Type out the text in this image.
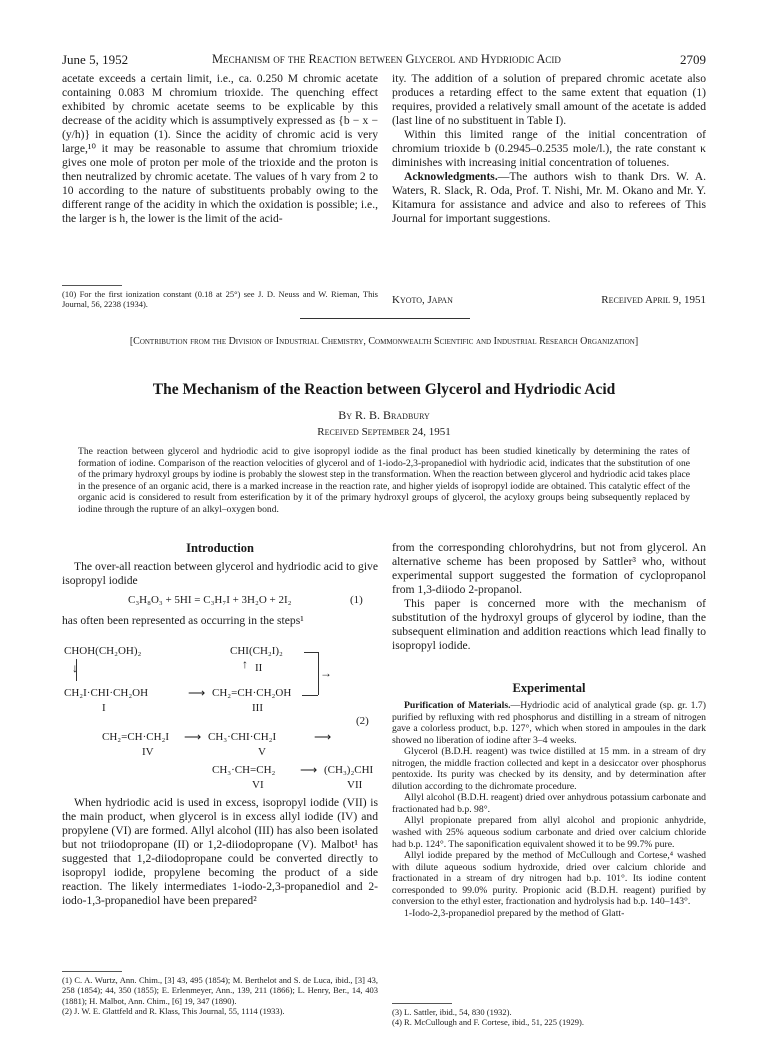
June 5, 1952	Mechanism of the Reaction between Glycerol and Hydriodic Acid	2709

acetate exceeds a certain limit, i.e., ca. 0.250 M chromic acetate containing 0.083 M chromium trioxide. The quenching effect exhibited by chromic acetate seems to be explicable by this decrease of the acidity which is assumptively expressed as {b − x − (y/h)} in equation (1). Since the acidity of chromic acid is very large,¹⁰ it may be reasonable to assume that chromium trioxide gives one mole of proton per mole of the trioxide and the proton is then neutralized by chromic acetate. The values of h vary from 2 to 10 according to the nature of substituents probably owing to the different range of the acidity in which the oxidation is possible; i.e., the larger is h, the lower is the limit of the acid-

(10) For the first ionization constant (0.18 at 25°) see J. D. Neuss and W. Rieman, This Journal, 56, 2238 (1934).

ity. The addition of a solution of prepared chromic acetate also produces a retarding effect to the same extent that equation (1) requires, provided a relatively small amount of the acetate is added (last line of no substituent in Table I).

Within this limited range of the initial concentration of chromium trioxide b (0.2945–0.2535 mole/l.), the rate constant κ diminishes with increasing initial concentration of toluenes.

Acknowledgments.—The authors wish to thank Drs. W. A. Waters, R. Slack, R. Oda, Prof. T. Nishi, Mr. M. Okano and Mr. Y. Kitamura for assistance and advice and also to referees of This Journal for important suggestions.

Kyoto, Japan	Received April 9, 1951
[Contribution from the Division of Industrial Chemistry, Commonwealth Scientific and Industrial Research Organization]
The Mechanism of the Reaction between Glycerol and Hydriodic Acid
By R. B. Bradbury
Received September 24, 1951
The reaction between glycerol and hydriodic acid to give isopropyl iodide as the final product has been studied kinetically by determining the rates of formation of iodine. Comparison of the reaction velocities of glycerol and of 1-iodo-2,3-propanediol with hydriodic acid, indicates that the substitution of one of the primary hydroxyl groups by iodine is probably the slowest step in the transformation. When the reaction between glycerol and hydriodic acid takes place in the presence of an organic acid, there is a marked increase in the reaction rate, and higher yields of isopropyl iodide are obtained. This catalytic effect of the organic acid is considered to result from esterification by it of the primary hydroxyl groups of glycerol, the acyloxy groups being subsequently replaced by iodine through the rupture of an alkyl–oxygen bond.
Introduction
The over-all reaction between glycerol and hydriodic acid to give isopropyl iodide
C₃H₈O₃ + 5HI = C₃H₇I + 3H₂O + 2I₂	(1)
has often been represented as occurring in the steps¹
CHOH(CH₂OH)₂	CHI(CH₂I)₂
II
↑
↓	→
CH₂I·CHI·CH₂OH
I
⟶ CH₂=CH·CH₂OH
III
(2)
CH₂=CH·CH₂I
IV
⟶ CH₃·CHI·CH₂I
V
⟶
CH₃·CH=CH₂
VI
⟶ (CH₃)₂CHI
VII
When hydriodic acid is used in excess, isopropyl iodide (VII) is the main product, when glycerol is in excess allyl iodide (IV) and propylene (VI) are formed. Allyl alcohol (III) has also been isolated but not triiodopropane (II) or 1,2-diiodopropane (V). Malbot¹ has suggested that 1,2-diiodopropane could be converted directly to isopropyl iodide, propylene becoming the product of a side reaction. The likely intermediates 1-iodo-2,3-propanediol and 2-iodo-1,3-propanediol have been prepared²

(1) C. A. Wurtz, Ann. Chim., [3] 43, 495 (1854); M. Berthelot and S. de Luca, ibid., [3] 43, 258 (1854); 44, 350 (1855); E. Erlenmeyer, Ann., 139, 211 (1866); L. Henry, Ber., 14, 403 (1881); H. Malbot, Ann. Chim., [6] 19, 347 (1890).

(2) J. W. E. Glattfeld and R. Klass, This Journal, 55, 1114 (1933).

from the corresponding chlorohydrins, but not from glycerol. An alternative scheme has been proposed by Sattler³ who, without experimental support suggested the formation of cyclopropanol from 1,3-diiodo 2-propanol.

This paper is concerned more with the mechanism of substitution of the hydroxyl groups of glycerol by iodine, than the subsequent elimination and addition reactions which lead finally to isopropyl iodide.

Experimental

Purification of Materials.—Hydriodic acid of analytical grade (sp. gr. 1.7) purified by refluxing with red phosphorus and distilling in a stream of nitrogen gave a colorless product, b.p. 127°, which when stored in ampoules in the dark showed no liberation of iodine after 3–4 weeks.

Glycerol (B.D.H. reagent) was twice distilled at 15 mm. in a stream of dry nitrogen, the middle fraction collected and kept in a desiccator over phosphorus pentoxide. Its purity was checked by its density, and by determination after dilution according to the dichromate procedure.

Allyl alcohol (B.D.H. reagent) dried over anhydrous potassium carbonate and fractionated had b.p. 98°.

Allyl propionate prepared from allyl alcohol and propionic anhydride, washed with 25% aqueous sodium carbonate and dried over calcium chloride had b.p. 124°. The saponification equivalent showed it to be 99.7% pure.

Allyl iodide prepared by the method of McCullough and Cortese,⁴ washed with dilute aqueous sodium hydroxide, dried over calcium chloride and fractionated in a stream of dry nitrogen had b.p. 101°. Its iodine content corresponded to 99.0% purity. Propionic acid (B.D.H. reagent) purified by conversion to the ethyl ester, fractionation and hydrolysis had b.p. 140–143°.

1-Iodo-2,3-propanediol prepared by the method of Glatt-

(3) L. Sattler, ibid., 54, 830 (1932).

(4) R. McCullough and F. Cortese, ibid., 51, 225 (1929).
